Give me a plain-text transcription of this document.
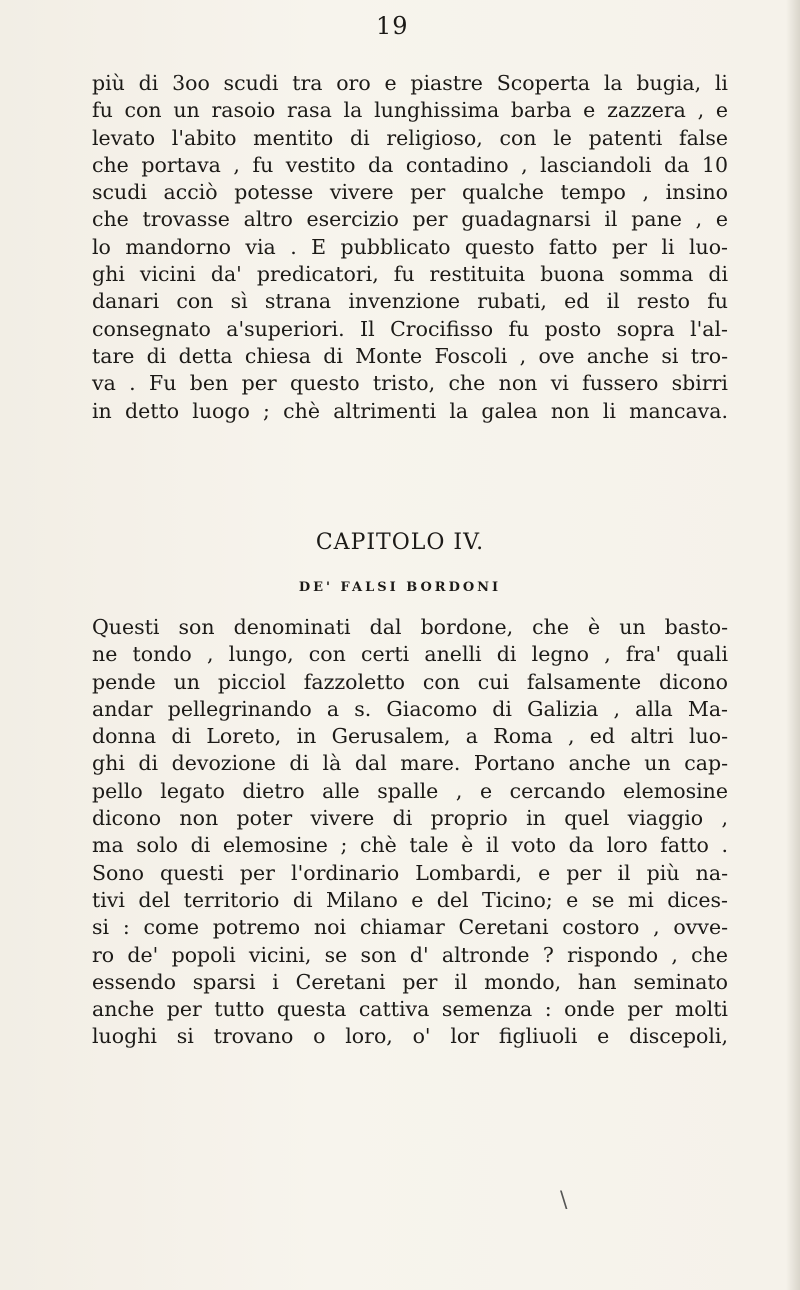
19
più di 3oo scudi tra oro e piastre Scoperta la bugia, li
fu con un rasoio rasa la lunghissima barba e zazzera , e
levato l'abito mentito di religioso, con le patenti false
che portava , fu vestito da contadino , lasciandoli da 10
scudi acciò potesse vivere per qualche tempo , insino
che trovasse altro esercizio per guadagnarsi il pane , e
lo mandorno via . E pubblicato questo fatto per li luo-
ghi vicini da' predicatori, fu restituita buona somma di
danari con sì strana invenzione rubati, ed il resto fu
consegnato a'superiori. Il Crocifisso fu posto sopra l'al-
tare di detta chiesa di Monte Foscoli , ove anche si tro-
va . Fu ben per questo tristo, che non vi fussero sbirri
in detto luogo ; chè altrimenti la galea non li mancava.
CAPITOLO IV.
DE' FALSI BORDONI
Questi son denominati dal bordone, che è un basto-
ne tondo , lungo, con certi anelli di legno , fra' quali
pende un picciol fazzoletto con cui falsamente dicono
andar pellegrinando a s. Giacomo di Galizia , alla Ma-
donna di Loreto, in Gerusalem, a Roma , ed altri luo-
ghi di devozione di là dal mare. Portano anche un cap-
pello legato dietro alle spalle , e cercando elemosine
dicono non poter vivere di proprio in quel viaggio ,
ma solo di elemosine ; chè tale è il voto da loro fatto .
Sono questi per l'ordinario Lombardi, e per il più na-
tivi del territorio di Milano e del Ticino; e se mi dices-
si : come potremo noi chiamar Ceretani costoro , ovve-
ro de' popoli vicini, se son d' altronde ? rispondo , che
essendo sparsi i Ceretani per il mondo, han seminato
anche per tutto questa cattiva semenza : onde per molti
luoghi si trovano o loro, o' lor figliuoli e discepoli,
\
